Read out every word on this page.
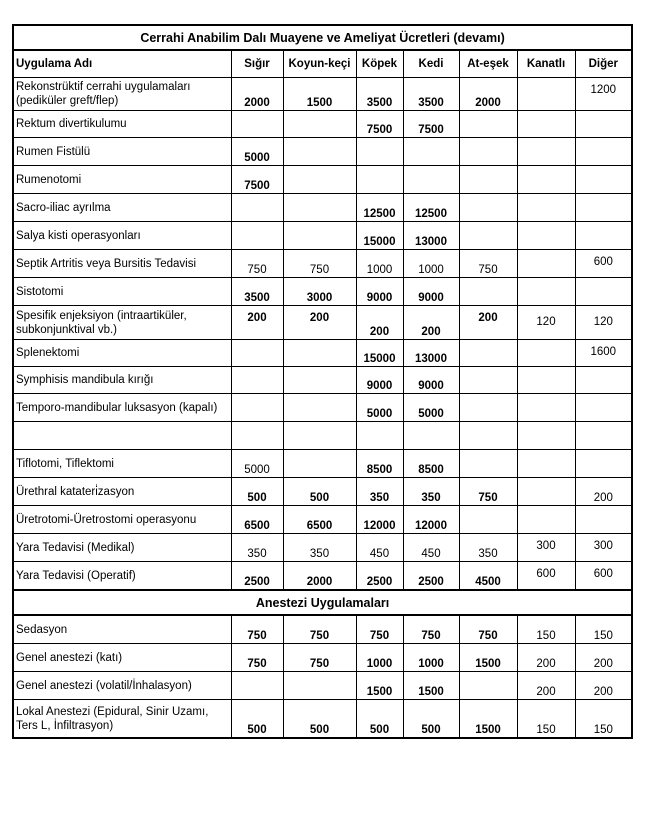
Cerrahi Anabilim Dalı Muayene ve Ameliyat Ücretleri (devamı)							
Uygulama Adı	Sığır	Koyun-keçi	Köpek	Kedi	At-eşek	Kanatlı	Diğer
Rekonstrüktif cerrahi uygulamaları (pediküler greft/flep)	2000	1500	3500	3500	2000		1200
Rektum divertikulumu			7500	7500			
Rumen Fistülü	5000						
Rumenotomi	7500						
Sacro-iliac ayrılma			12500	12500			
Salya kisti operasyonları			15000	13000			
Septik Artritis veya Bursitis Tedavisi	750	750	1000	1000	750		600
Sistotomi	3500	3000	9000	9000			
Spesifik enjeksiyon (intraartiküler, subkonjunktival vb.)	200	200	200	200	200	120	120
Splenektomi			15000	13000			1600
Symphisis mandibula kırığı			9000	9000			
Temporo-mandibular luksasyon (kapalı)			5000	5000			

Tiflotomi, Tiflektomi	5000		8500	8500			
Ürethral katateri̇zasyon	500	500	350	350	750		200
Üretrotomi-Üretrostomi operasyonu	6500	6500	12000	12000			
Yara Tedavisi (Medikal)	350	350	450	450	350	300	300
Yara Tedavisi (Operatif)	2500	2000	2500	2500	4500	600	600
Anestezi Uygulamaları							
Sedasyon	750	750	750	750	750	150	150
Genel anestezi (katı)	750	750	1000	1000	1500	200	200
Genel anestezi (volatil/İnhalasyon)			1500	1500		200	200
Lokal Anestezi (Epidural, Sinir Uzamı, Ters L, İnfiltrasyon)	500	500	500	500	1500	150	150
